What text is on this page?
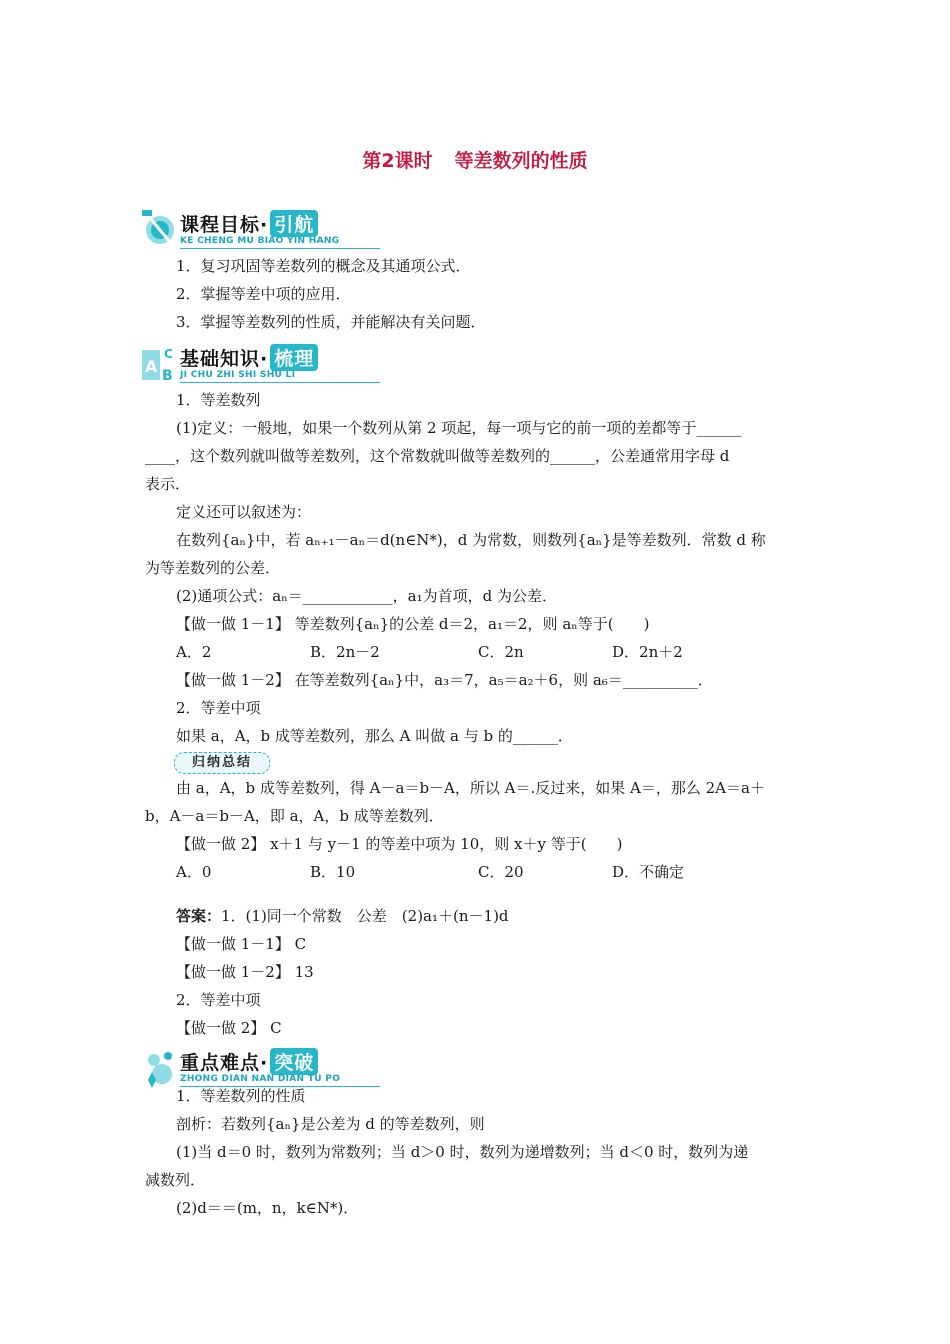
第2课时 等差数列的性质
课程目标· 引航
KE CHENG MU BIAO YIN HANG
1．复习巩固等差数列的概念及其通项公式．
2．掌握等差中项的应用．
3．掌握等差数列的性质，并能解决有关问题．
A
C
B
基础知识· 梳理
JI CHU ZHI SHI SHU LI
1．等差数列
(1)定义：一般地，如果一个数列从第 2 项起，每一项与它的前一项的差都等于______
____，这个数列就叫做等差数列，这个常数就叫做等差数列的______，公差通常用字母 d
表示．
定义还可以叙述为：
在数列{aₙ}中，若 aₙ₊₁－aₙ＝d(n∈N*)，d 为常数，则数列{aₙ}是等差数列．常数 d 称
为等差数列的公差．
(2)通项公式：aₙ＝____________，a₁为首项，d 为公差．
【做一做 1－1】 等差数列{aₙ}的公差 d＝2，a₁＝2，则 aₙ等于(　　)
A．2	B．2n－2	C．2n	D．2n＋2
【做一做 1－2】 在等差数列{aₙ}中，a₃＝7，a₅＝a₂＋6，则 a₆＝__________．
2．等差中项
如果 a，A，b 成等差数列，那么 A 叫做 a 与 b 的______．
归纳总结
由 a，A，b 成等差数列，得 A－a＝b－A，所以 A＝.反过来，如果 A＝，那么 2A＝a＋
b，A－a＝b－A，即 a，A，b 成等差数列．
【做一做 2】 x＋1 与 y－1 的等差中项为 10，则 x＋y 等于(　　)
A．0	B．10	C．20	D．不确定
答案：1．(1)同一个常数　公差　(2)a₁＋(n－1)d
【做一做 1－1】 C
【做一做 1－2】 13
2．等差中项
【做一做 2】 C
重点难点· 突破
ZHONG DIAN NAN DIAN TU PO
1．等差数列的性质
剖析：若数列{aₙ}是公差为 d 的等差数列，则
(1)当 d＝0 时，数列为常数列；当 d＞0 时，数列为递增数列；当 d＜0 时，数列为递
减数列．
(2)d＝＝(m，n，k∈N*)．
